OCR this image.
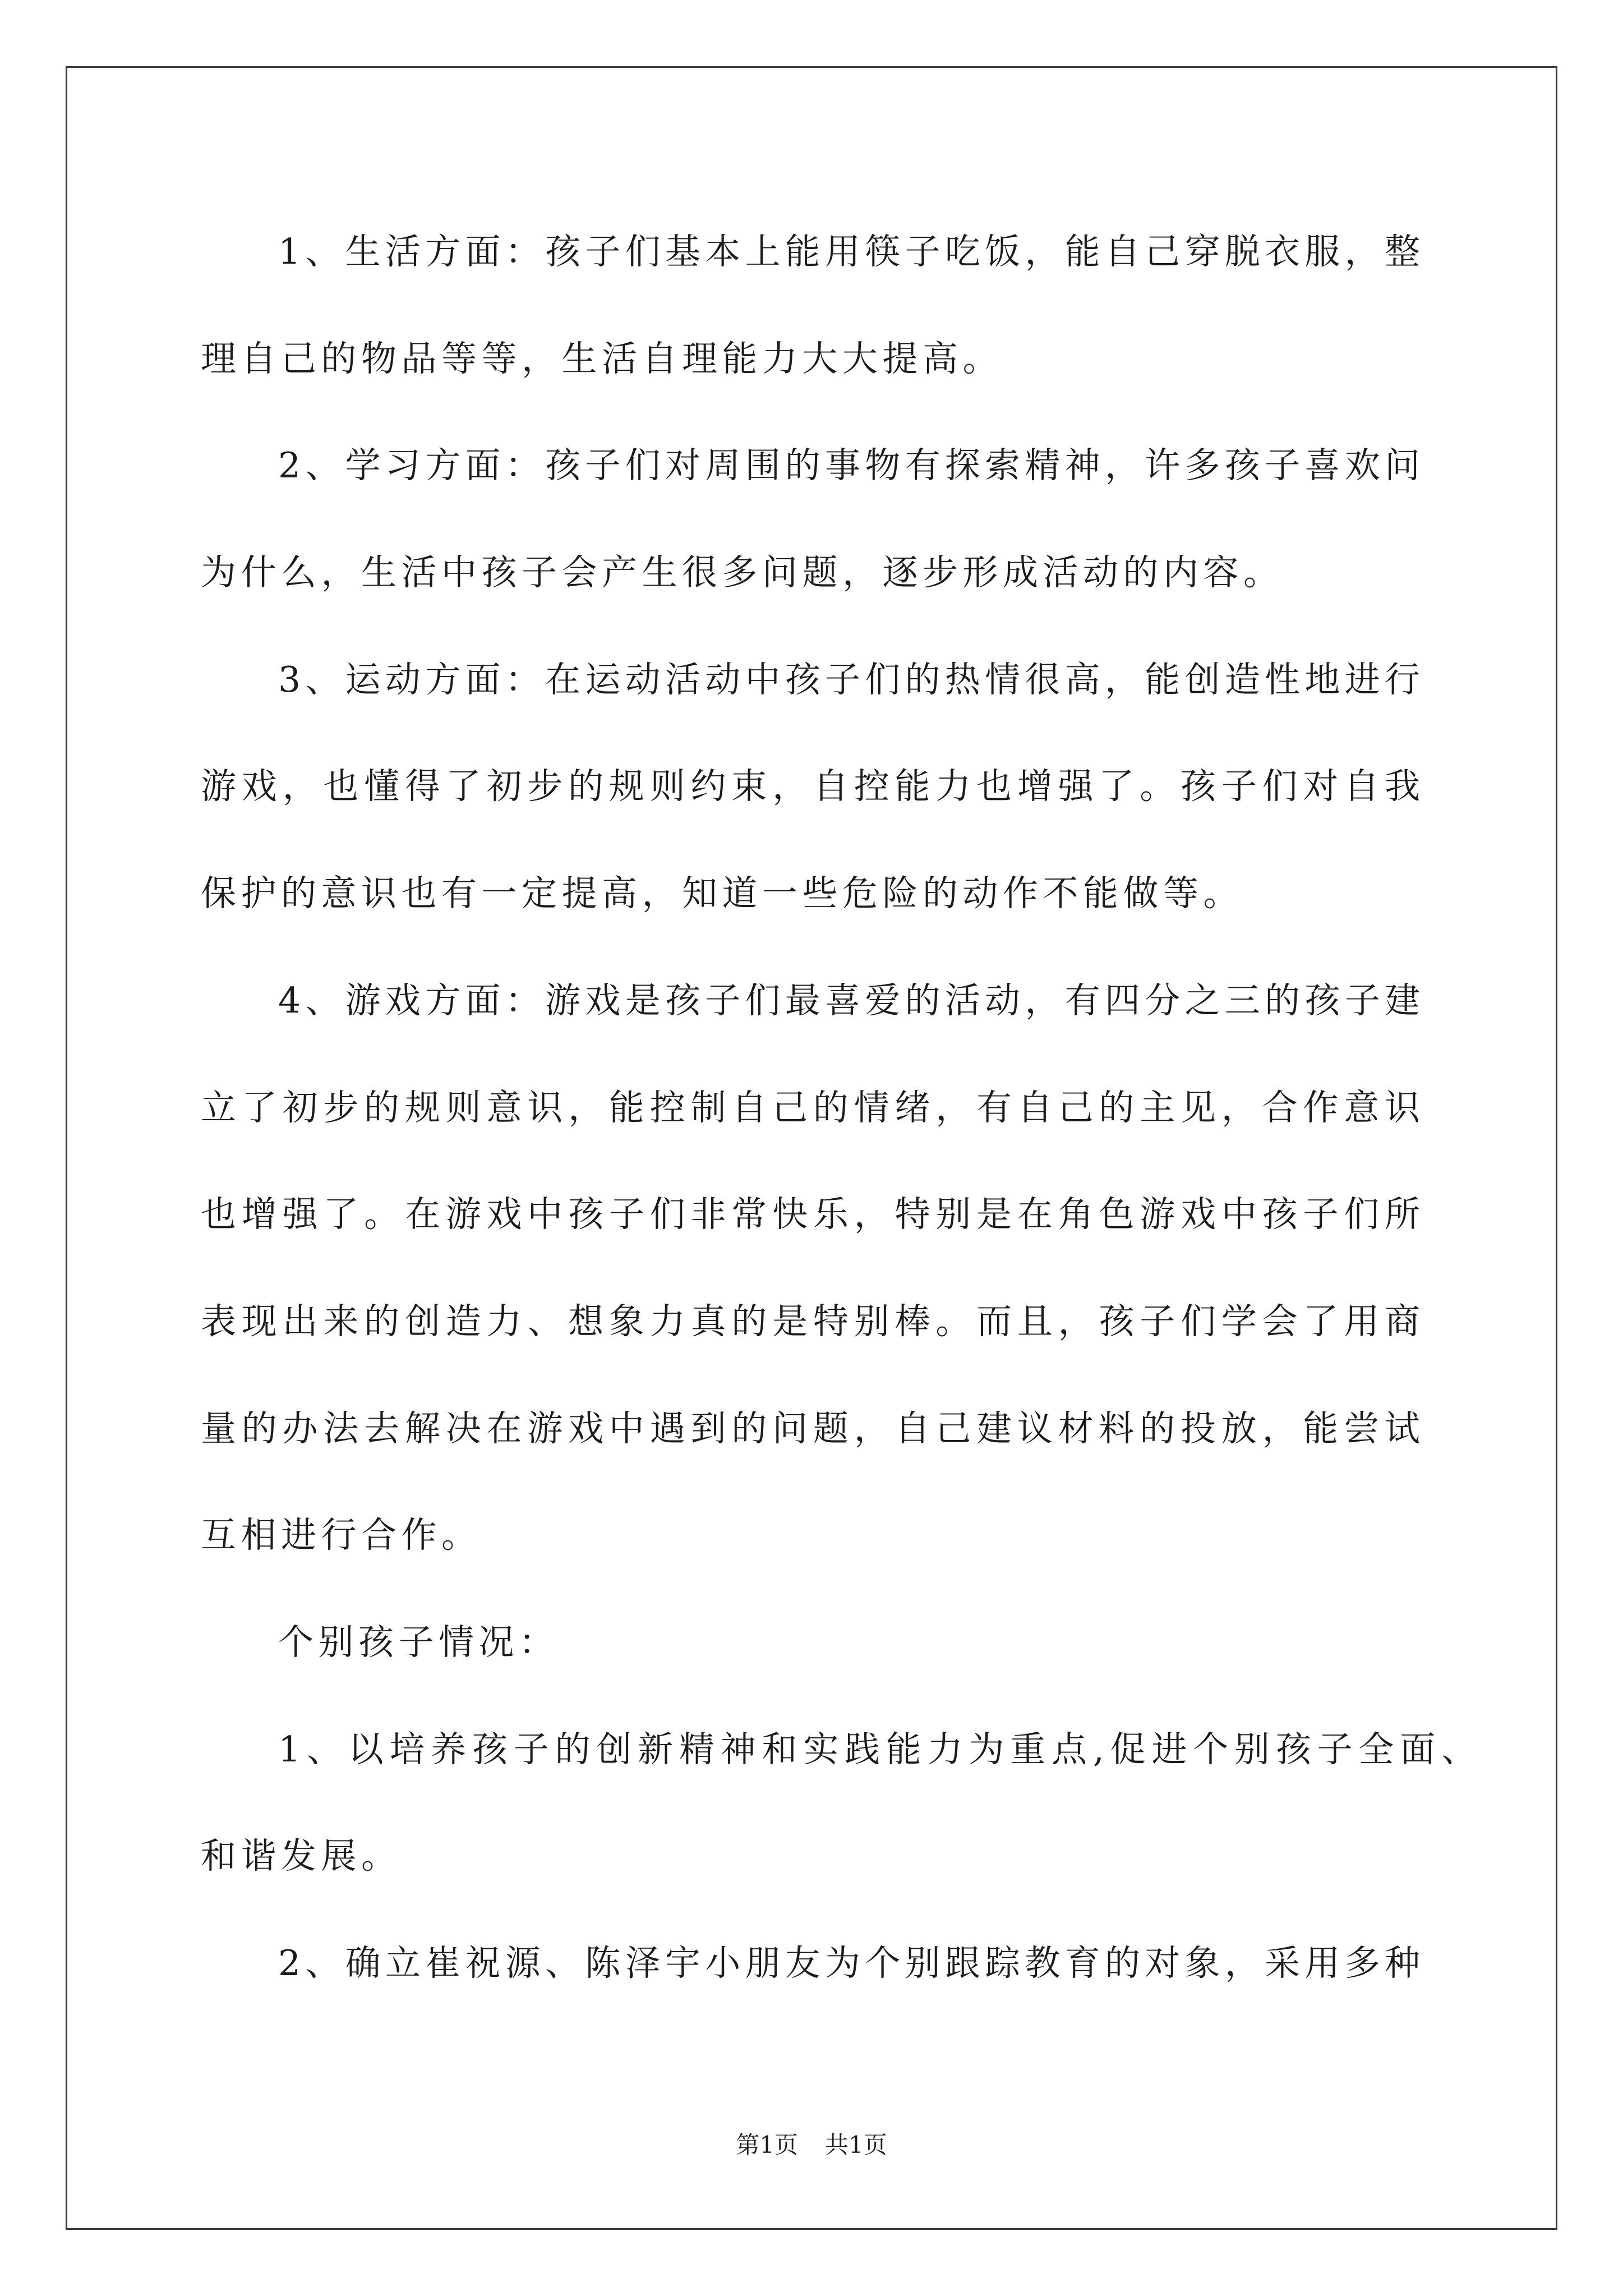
1、生活方面：孩子们基本上能用筷子吃饭，能自己穿脱衣服，整
理自己的物品等等，生活自理能力大大提高。
2、学习方面：孩子们对周围的事物有探索精神，许多孩子喜欢问
为什么，生活中孩子会产生很多问题，逐步形成活动的内容。
3、运动方面：在运动活动中孩子们的热情很高，能创造性地进行
游戏，也懂得了初步的规则约束，自控能力也增强了。孩子们对自我
保护的意识也有一定提高，知道一些危险的动作不能做等。
4、游戏方面：游戏是孩子们最喜爱的活动，有四分之三的孩子建
立了初步的规则意识，能控制自己的情绪，有自己的主见，合作意识
也增强了。在游戏中孩子们非常快乐，特别是在角色游戏中孩子们所
表现出来的创造力、想象力真的是特别棒。而且，孩子们学会了用商
量的办法去解决在游戏中遇到的问题，自己建议材料的投放，能尝试
互相进行合作。
个别孩子情况：
1、以培养孩子的创新精神和实践能力为重点,促进个别孩子全面、
和谐发展。
2、确立崔祝源、陈泽宇小朋友为个别跟踪教育的对象，采用多种
第1页 共1页
